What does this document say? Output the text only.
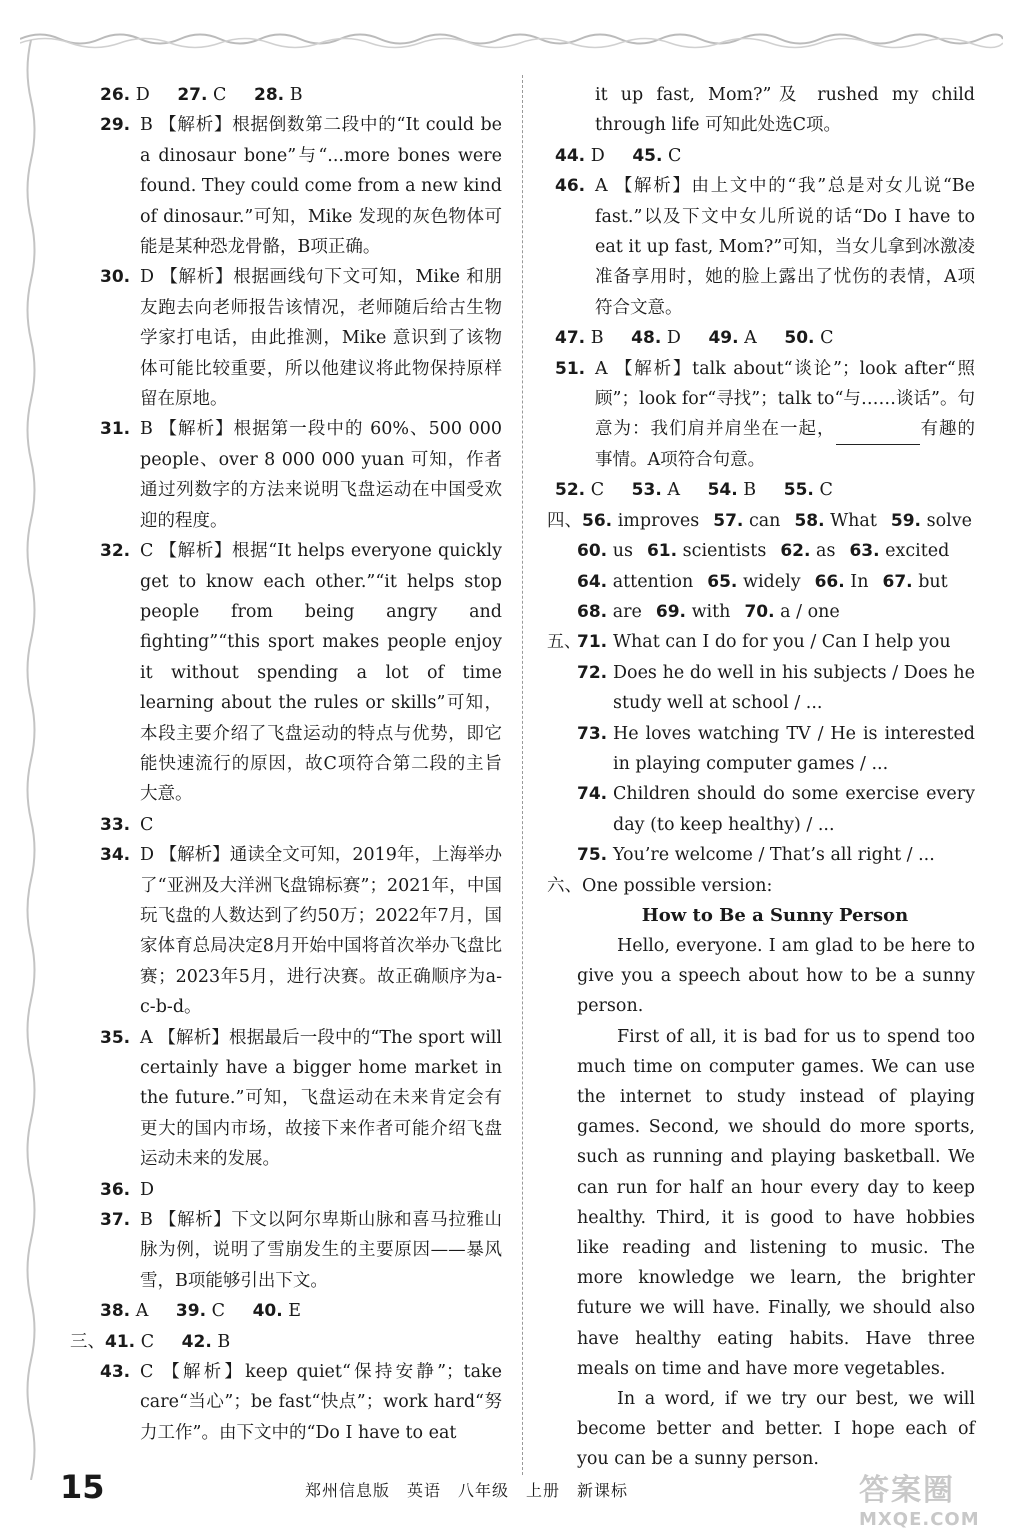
26. D 27. C 28. B
29. B 【解析】根据倒数第二段中的“It could be a dinosaur bone”与“...more bones were found. They could come from a new kind of dinosaur.”可知，Mike 发现的灰色物体可能是某种恐龙骨骼，B项正确。
30. D 【解析】根据画线句下文可知，Mike 和朋友跑去向老师报告该情况，老师随后给古生物学家打电话，由此推测，Mike 意识到了该物体可能比较重要，所以他建议将此物保持原样留在原地。
31. B 【解析】根据第一段中的 60%、500 000 people、over 8 000 000 yuan 可知，作者通过列数字的方法来说明飞盘运动在中国受欢迎的程度。
32. C 【解析】根据“It helps everyone quickly get to know each other.”“it helps stop people from being angry and fighting”“this sport makes people enjoy it without spending a lot of time learning about the rules or skills”可知，本段主要介绍了飞盘运动的特点与优势，即它能快速流行的原因，故C项符合第二段的主旨大意。
33. C
34. D 【解析】通读全文可知，2019年，上海举办了“亚洲及大洋洲飞盘锦标赛”；2021年，中国玩飞盘的人数达到了约50万；2022年7月，国家体育总局决定8月开始中国将首次举办飞盘比赛；2023年5月，进行决赛。故正确顺序为a-c-b-d。
35. A 【解析】根据最后一段中的“The sport will certainly have a bigger home market in the future.”可知，飞盘运动在未来肯定会有更大的国内市场，故接下来作者可能介绍飞盘运动未来的发展。
36. D
37. B 【解析】下文以阿尔卑斯山脉和喜马拉雅山脉为例，说明了雪崩发生的主要原因——暴风雪，B项能够引出下文。
38. A 39. C 40. E
三、41. C 42. B
43. C 【解析】keep quiet“保持安静”；take care“当心”；be fast“快点”；work hard“努力工作”。由下文中的“Do I have to eat
it up fast, Mom?”及 rushed my child through life 可知此处选C项。
44. D 45. C
46. A 【解析】由上文中的“我”总是对女儿说“Be fast.”以及下文中女儿所说的话“Do I have to eat it up fast, Mom?”可知，当女儿拿到冰激凌准备享用时，她的脸上露出了忧伤的表情，A项符合文意。
47. B 48. D 49. A 50. C
51. A 【解析】talk about“谈论”；look after“照顾”；look for“寻找”；talk to“与……谈话”。句意为：我们肩并肩坐在一起，	有趣的事情。A项符合句意。
52. C 53. A 54. B 55. C
四、56. improves 57. can 58. What 59. solve
60. us 61. scientists 62. as 63. excited
64. attention 65. widely 66. In 67. but
68. are 69. with 70. a / one
五、
71. What can I do for you / Can I help you
72. Does he do well in his subjects / Does he study well at school / ...
73. He loves watching TV / He is interested in playing computer games / ...
74. Children should do some exercise every day (to keep healthy) / ...
75. You’re welcome / That’s all right / ...
六、One possible version:
How to Be a Sunny Person
Hello, everyone. I am glad to be here to give you a speech about how to be a sunny person.
First of all, it is bad for us to spend too much time on computer games. We can use the internet to study instead of playing games. Second, we should do more sports, such as running and playing basketball. We can run for half an hour every day to keep healthy. Third, it is good to have hobbies like reading and listening to music. The more knowledge we learn, the brighter future we will have. Finally, we should also have healthy eating habits. Have three meals on time and have more vegetables.
In a word, if we try our best, we will become better and better. I hope each of you can be a sunny person.
15	郑州信息版　英语　八年级　上册　新课标	答案圈
MXQE.COM
